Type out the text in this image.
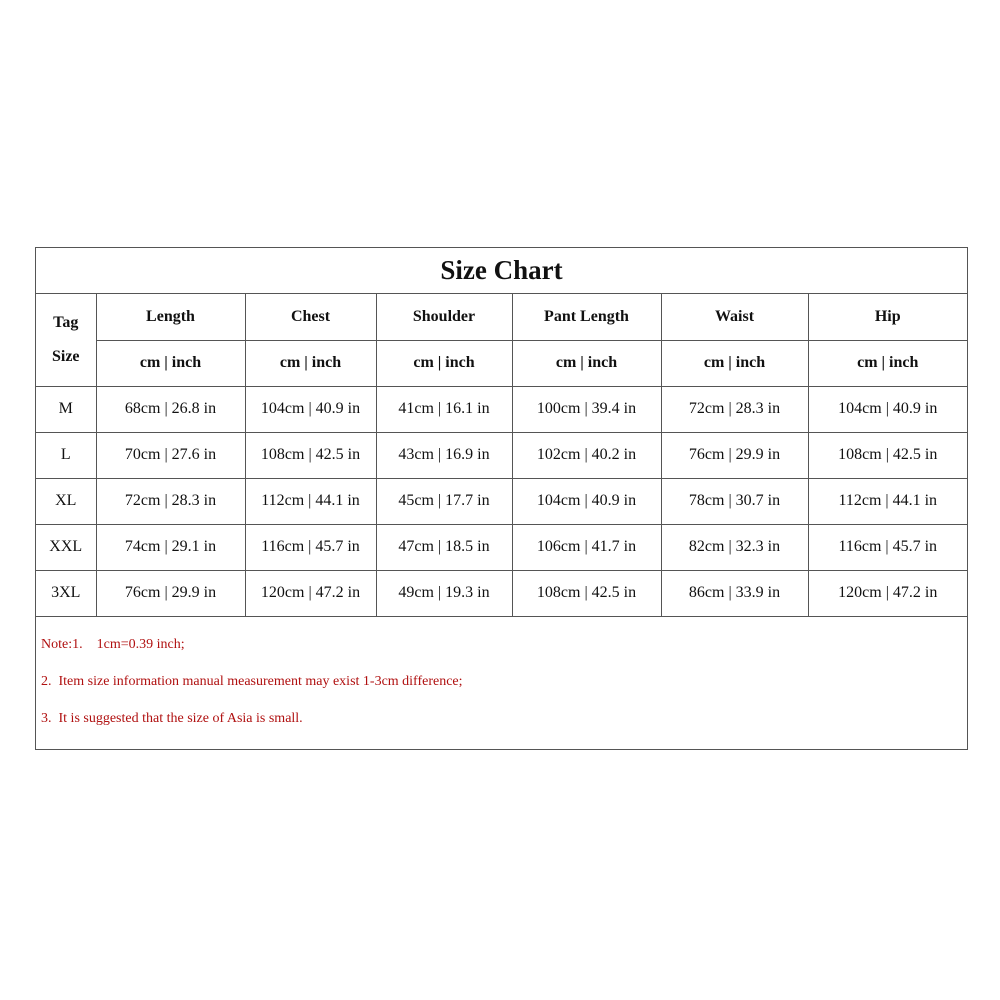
Size Chart
Tag
Size	Length	Chest	Shoulder	Pant Length	Waist	Hip
	cm | inch	cm | inch	cm | inch	cm | inch	cm | inch	cm | inch
M	68cm | 26.8 in	104cm | 40.9 in	41cm | 16.1 in	100cm | 39.4 in	72cm | 28.3 in	104cm | 40.9 in
L	70cm | 27.6 in	108cm | 42.5 in	43cm | 16.9 in	102cm | 40.2 in	76cm | 29.9 in	108cm | 42.5 in
XL	72cm | 28.3 in	112cm | 44.1 in	45cm | 17.7 in	104cm | 40.9 in	78cm | 30.7 in	112cm | 44.1 in
XXL	74cm | 29.1 in	116cm | 45.7 in	47cm | 18.5 in	106cm | 41.7 in	82cm | 32.3 in	116cm | 45.7 in
3XL	76cm | 29.9 in	120cm | 47.2 in	49cm | 19.3 in	108cm | 42.5 in	86cm | 33.9 in	120cm | 47.2 in
Note:1.    1cm=0.39 inch;
2.  Item size information manual measurement may exist 1-3cm difference;
3.  It is suggested that the size of Asia is small.
